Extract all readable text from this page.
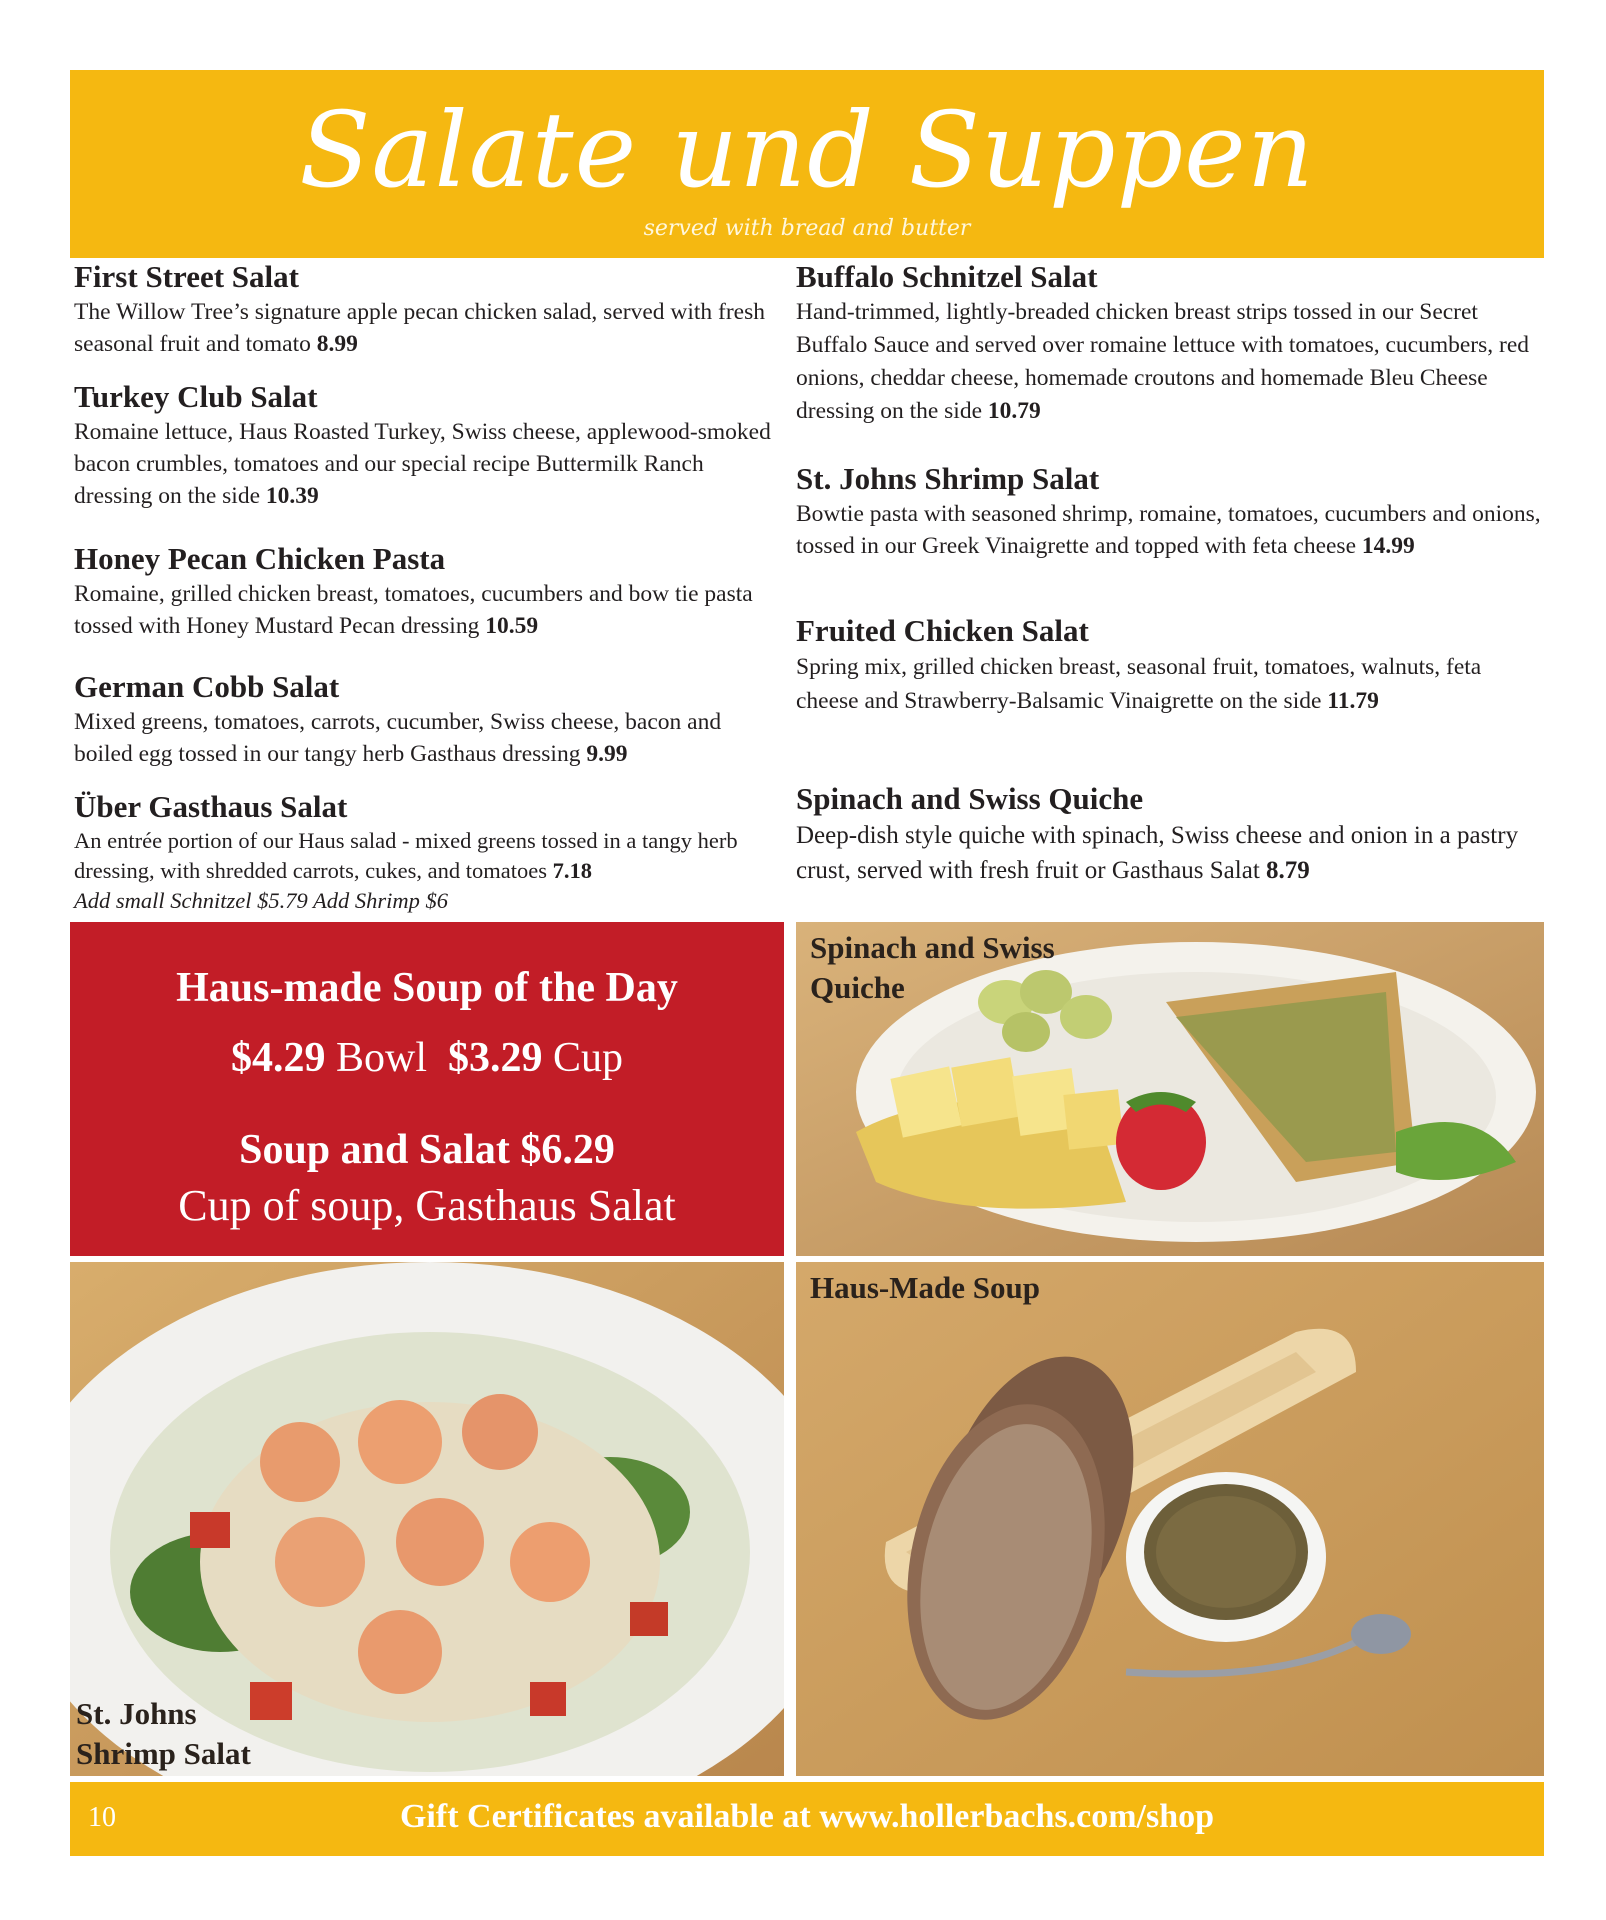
Salate und Suppen
served with bread and butter
First Street Salat

The Willow Tree’s signature apple pecan chicken salad, served with fresh seasonal fruit and tomato 8.99

Turkey Club Salat

Romaine lettuce, Haus Roasted Turkey, Swiss cheese, applewood-smoked bacon crumbles, tomatoes and our special recipe Buttermilk Ranch dressing on the side 10.39

Honey Pecan Chicken Pasta

Romaine, grilled chicken breast, tomatoes, cucumbers and bow tie pasta tossed with Honey Mustard Pecan dressing 10.59

German Cobb Salat

Mixed greens, tomatoes, carrots, cucumber, Swiss cheese, bacon and boiled egg tossed in our tangy herb Gasthaus dressing 9.99

Über Gasthaus Salat

An entrée portion of our Haus salad - mixed greens tossed in a tangy herb dressing, with shredded carrots, cukes, and tomatoes 7.18
Add small Schnitzel $5.79 Add Shrimp $6

Buffalo Schnitzel Salat

Hand-trimmed, lightly-breaded chicken breast strips tossed in our Secret Buffalo Sauce and served over romaine lettuce with tomatoes, cucumbers, red onions, cheddar cheese, homemade croutons and homemade Bleu Cheese dressing on the side 10.79

St. Johns Shrimp Salat

Bowtie pasta with seasoned shrimp, romaine, tomatoes, cucumbers and onions, tossed in our Greek Vinaigrette and topped with feta cheese 14.99

Fruited Chicken Salat

Spring mix, grilled chicken breast, seasonal fruit, tomatoes, walnuts, feta cheese and Strawberry-Balsamic Vinaigrette on the side 11.79

Spinach and Swiss Quiche

Deep-dish style quiche with spinach, Swiss cheese and onion in a pastry crust, served with fresh fruit or Gasthaus Salat 8.79

Haus-made Soup of the Day
$4.29 Bowl  $3.29 Cup
Soup and Salat $6.29
Cup of soup, Gasthaus Salat
Spinach and Swiss
Quiche
St. Johns
Shrimp Salat
Haus-Made Soup
10	Gift Certificates available at www.hollerbachs.com/shop
